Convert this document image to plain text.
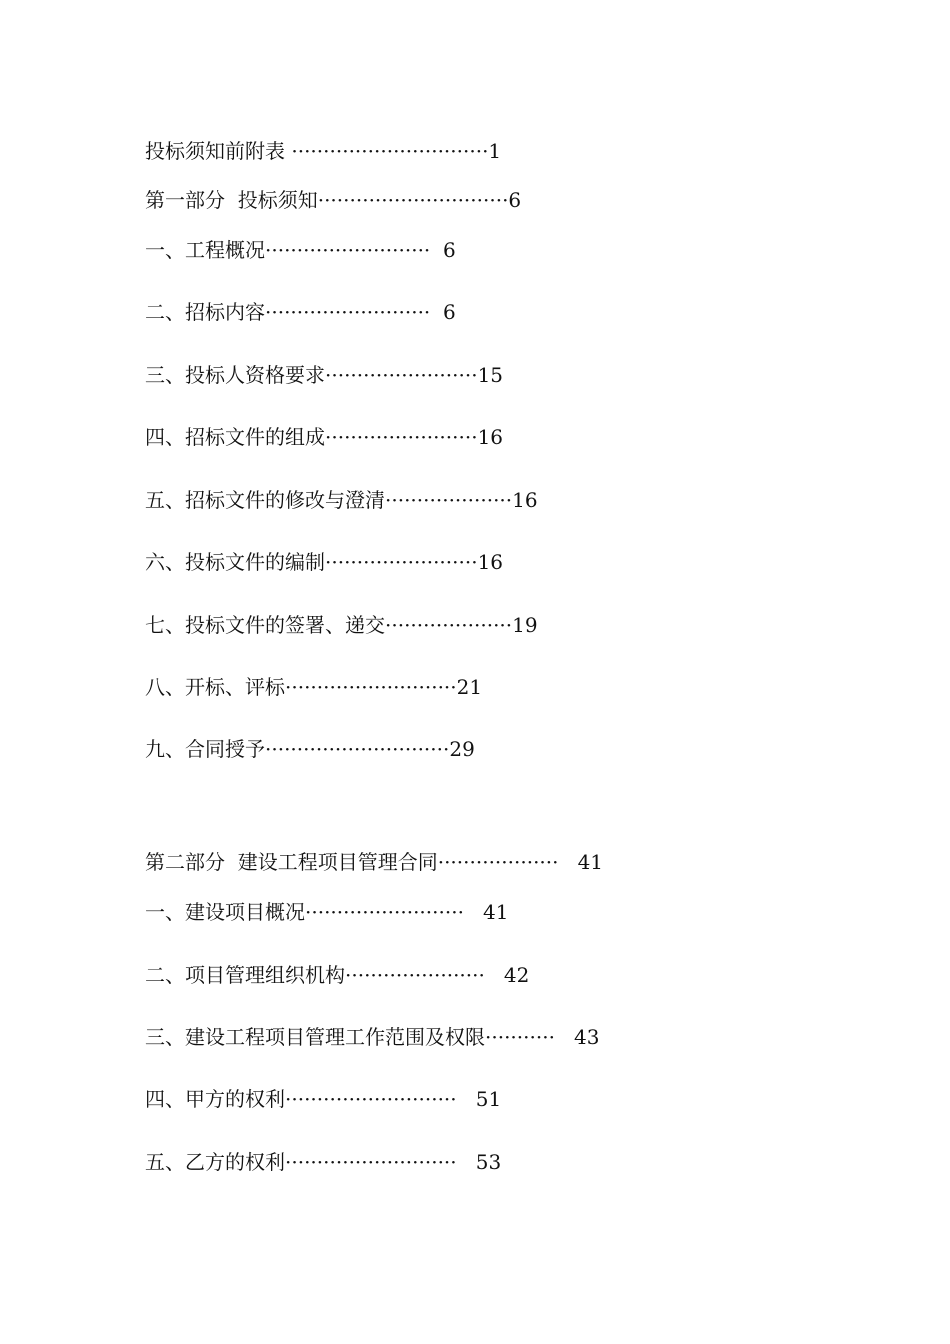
投标须知前附表 ·······························1

第一部分  投标须知······························6

一、工程概况··························  6

二、招标内容··························  6

三、投标人资格要求························15

四、招标文件的组成························16

五、招标文件的修改与澄清····················16

六、投标文件的编制························16

七、投标文件的签署、递交····················19

八、开标、评标···························21

九、合同授予·····························29

第二部分  建设工程项目管理合同···················   41

一、建设项目概况·························   41

二、项目管理组织机构······················   42

三、建设工程项目管理工作范围及权限···········   43

四、甲方的权利···························   51

五、乙方的权利···························   53
